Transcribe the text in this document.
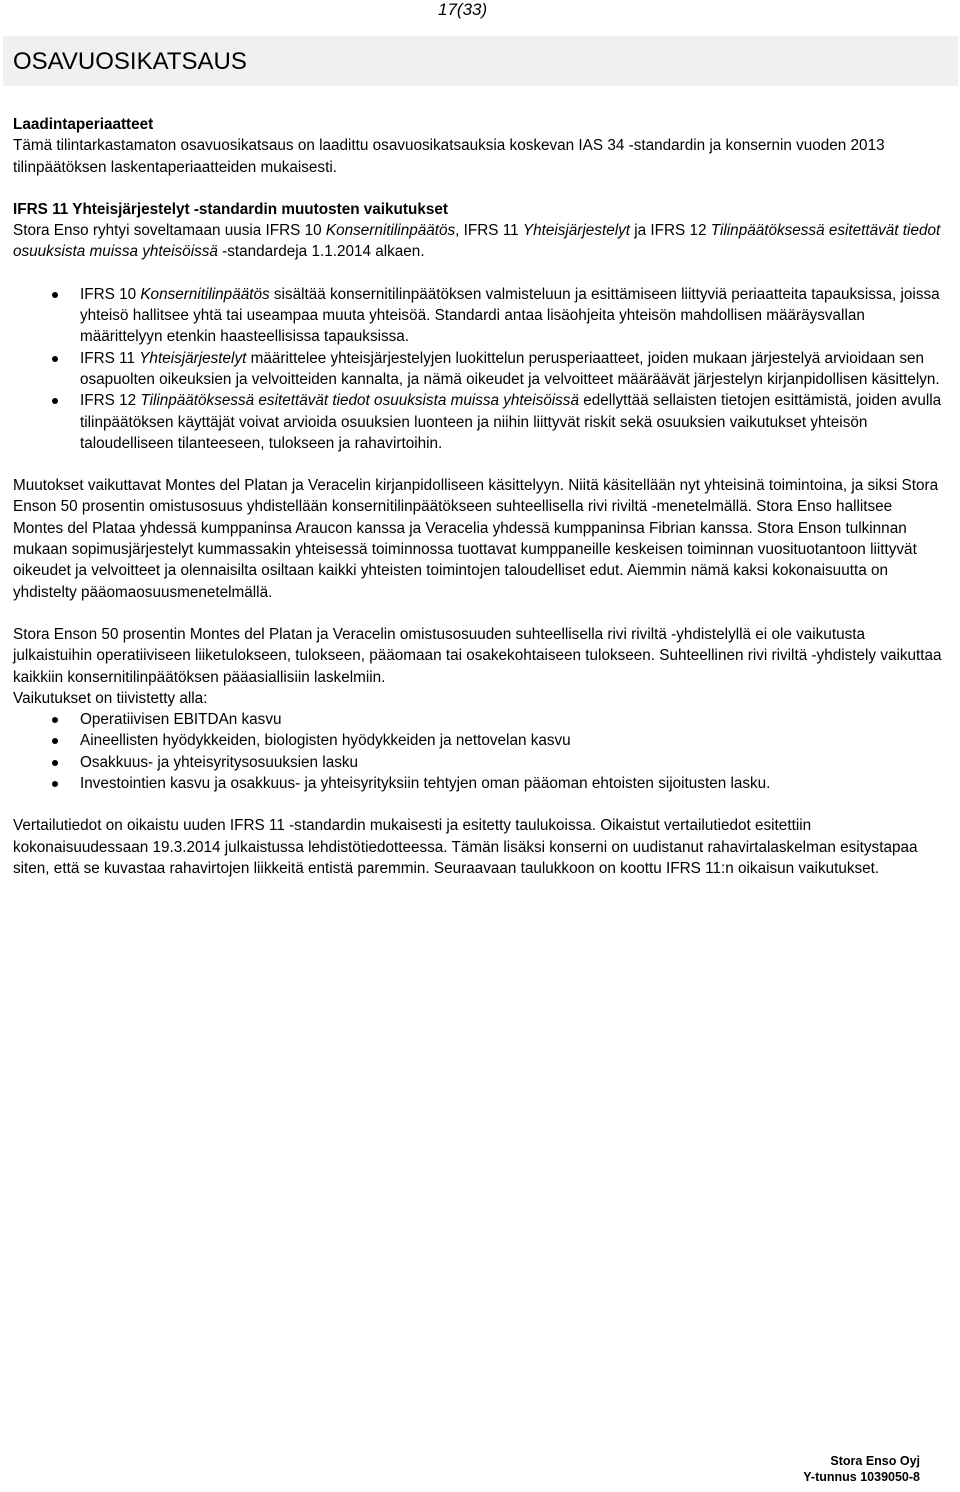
17(33)
OSAVUOSIKATSAUS
Laadintaperiaatteet

Tämä tilintarkastamaton osavuosikatsaus on laadittu osavuosikatsauksia koskevan IAS 34 -standardin ja konsernin vuoden 2013 tilinpäätöksen laskentaperiaatteiden mukaisesti.

IFRS 11 Yhteisjärjestelyt -standardin muutosten vaikutukset

Stora Enso ryhtyi soveltamaan uusia IFRS 10 Konsernitilinpäätös, IFRS 11 Yhteisjärjestelyt ja IFRS 12 Tilinpäätöksessä esitettävät tiedot osuuksista muissa yhteisöissä -standardeja 1.1.2014 alkaen.

IFRS 10 Konsernitilinpäätös sisältää konsernitilinpäätöksen valmisteluun ja esittämiseen liittyviä periaatteita tapauksissa, joissa yhteisö hallitsee yhtä tai useampaa muuta yhteisöä. Standardi antaa lisäohjeita yhteisön mahdollisen määräysvallan määrittelyyn etenkin haasteellisissa tapauksissa.
IFRS 11 Yhteisjärjestelyt määrittelee yhteisjärjestelyjen luokittelun perusperiaatteet, joiden mukaan järjestelyä arvioidaan sen osapuolten oikeuksien ja velvoitteiden kannalta, ja nämä oikeudet ja velvoitteet määräävät järjestelyn kirjanpidollisen käsittelyn.
IFRS 12 Tilinpäätöksessä esitettävät tiedot osuuksista muissa yhteisöissä edellyttää sellaisten tietojen esittämistä, joiden avulla tilinpäätöksen käyttäjät voivat arvioida osuuksien luonteen ja niihin liittyvät riskit sekä osuuksien vaikutukset yhteisön taloudelliseen tilanteeseen, tulokseen ja rahavirtoihin.

Muutokset vaikuttavat Montes del Platan ja Veracelin kirjanpidolliseen käsittelyyn. Niitä käsitellään nyt yhteisinä toimintoina, ja siksi Stora Enson 50 prosentin omistusosuus yhdistellään konsernitilinpäätökseen suhteellisella rivi riviltä -menetelmällä. Stora Enso hallitsee Montes del Plataa yhdessä kumppaninsa Araucon kanssa ja Veracelia yhdessä kumppaninsa Fibrian kanssa. Stora Enson tulkinnan mukaan sopimusjärjestelyt kummassakin yhteisessä toiminnossa tuottavat kumppaneille keskeisen toiminnan vuosituotantoon liittyvät oikeudet ja velvoitteet ja olennaisilta osiltaan kaikki yhteisten toimintojen taloudelliset edut. Aiemmin nämä kaksi kokonaisuutta on yhdistelty pääomaosuusmenetelmällä.

Stora Enson 50 prosentin Montes del Platan ja Veracelin omistusosuuden suhteellisella rivi riviltä -yhdistelyllä ei ole vaikutusta julkaistuihin operatiiviseen liiketulokseen, tulokseen, pääomaan tai osakekohtaiseen tulokseen. Suhteellinen rivi riviltä -yhdistely vaikuttaa kaikkiin konsernitilinpäätöksen pääasiallisiin laskelmiin.

Vaikutukset on tiivistetty alla:

Operatiivisen EBITDAn kasvu
Aineellisten hyödykkeiden, biologisten hyödykkeiden ja nettovelan kasvu
Osakkuus- ja yhteisyritysosuuksien lasku
Investointien kasvu ja osakkuus- ja yhteisyrityksiin tehtyjen oman pääoman ehtoisten sijoitusten lasku.

Vertailutiedot on oikaistu uuden IFRS 11 -standardin mukaisesti ja esitetty taulukoissa. Oikaistut vertailutiedot esitettiin kokonaisuudessaan 19.3.2014 julkaistussa lehdistötiedotteessa. Tämän lisäksi konserni on uudistanut rahavirtalaskelman esitystapaa siten, että se kuvastaa rahavirtojen liikkeitä entistä paremmin. Seuraavaan taulukkoon on koottu IFRS 11:n oikaisun vaikutukset.

Stora Enso Oyj
Y-tunnus 1039050-8
